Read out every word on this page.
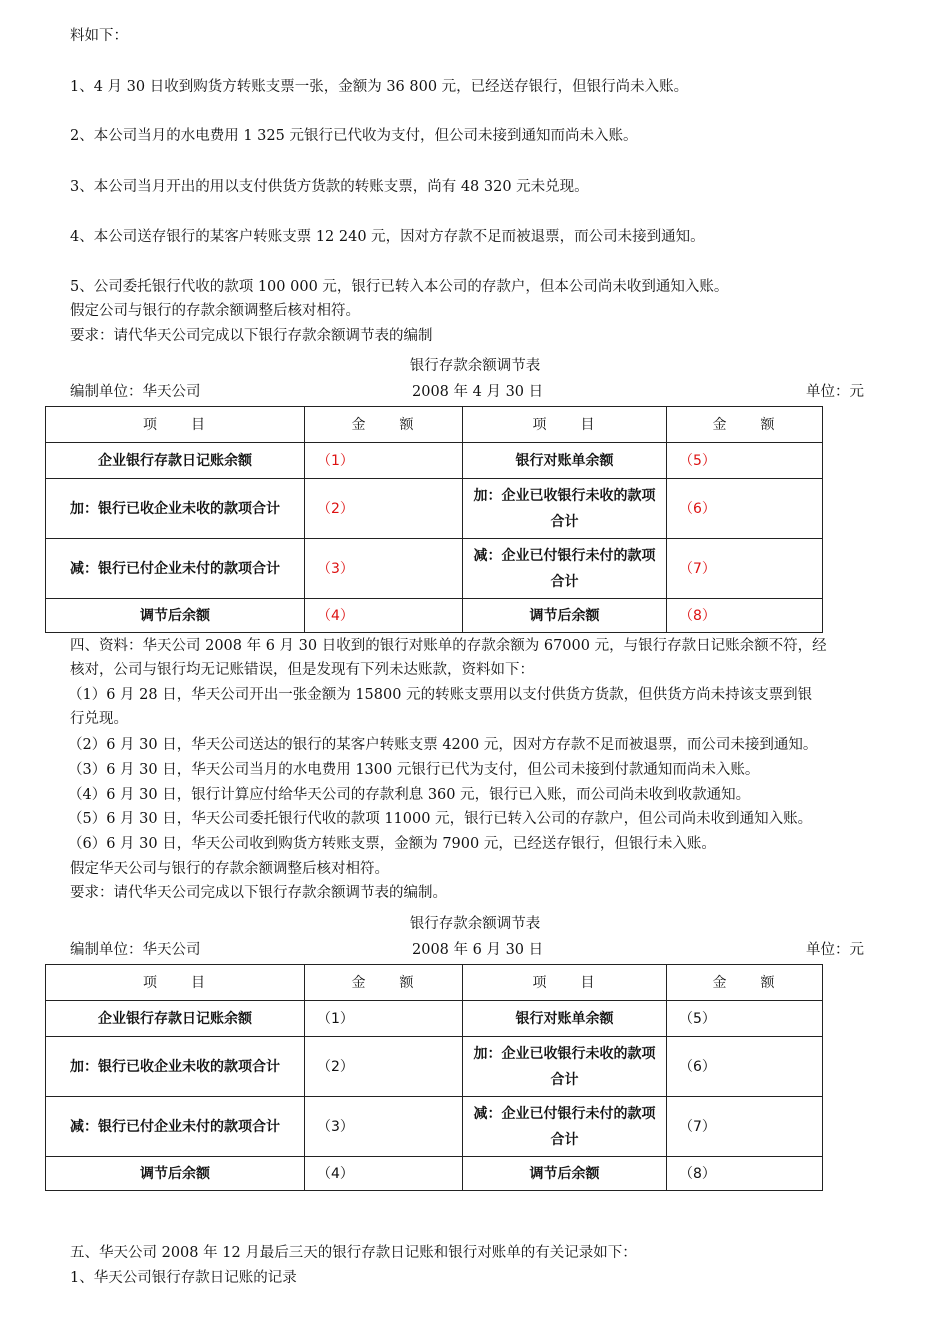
料如下：
1、4 月 30 日收到购货方转账支票一张，金额为 36 800 元，已经送存银行，但银行尚未入账。
2、本公司当月的水电费用 1 325 元银行已代收为支付，但公司未接到通知而尚未入账。
3、本公司当月开出的用以支付供货方货款的转账支票，尚有 48 320 元未兑现。
4、本公司送存银行的某客户转账支票 12 240 元，因对方存款不足而被退票，而公司未接到通知。
5、公司委托银行代收的款项 100 000 元，银行已转入本公司的存款户，但本公司尚未收到通知入账。
假定公司与银行的存款余额调整后核对相符。
要求：请代华天公司完成以下银行存款余额调节表的编制
银行存款余额调节表
编制单位：华天公司	2008 年 4 月 30 日	单位：元
项　　目	金　　额	项　　目	金　　额
企业银行存款日记账余额	（1）	银行对账单余额	（5）
加：银行已收企业未收的款项合计	（2）	加：企业已收银行未收的款项合计	（6）
减：银行已付企业未付的款项合计	（3）	减：企业已付银行未付的款项合计	（7）
调节后余额	（4）	调节后余额	（8）
四、资料：华天公司 2008 年 6 月 30 日收到的银行对账单的存款余额为 67000 元，与银行存款日记账余额不符，经
核对，公司与银行均无记账错误，但是发现有下列未达账款，资料如下：
（1）6 月 28 日，华天公司开出一张金额为 15800 元的转账支票用以支付供货方货款，但供货方尚未持该支票到银
行兑现。
（2）6 月 30 日，华天公司送达的银行的某客户转账支票 4200 元，因对方存款不足而被退票，而公司未接到通知。
（3）6 月 30 日，华天公司当月的水电费用 1300 元银行已代为支付，但公司未接到付款通知而尚未入账。
（4）6 月 30 日，银行计算应付给华天公司的存款利息 360 元，银行已入账，而公司尚未收到收款通知。
（5）6 月 30 日，华天公司委托银行代收的款项 11000 元，银行已转入公司的存款户，但公司尚未收到通知入账。
（6）6 月 30 日，华天公司收到购货方转账支票，金额为 7900 元，已经送存银行，但银行未入账。
假定华天公司与银行的存款余额调整后核对相符。
要求：请代华天公司完成以下银行存款余额调节表的编制。
银行存款余额调节表
编制单位：华天公司	2008 年 6 月 30 日	单位：元
项　　目	金　　额	项　　目	金　　额
企业银行存款日记账余额	（1）	银行对账单余额	（5）
加：银行已收企业未收的款项合计	（2）	加：企业已收银行未收的款项合计	（6）
减：银行已付企业未付的款项合计	（3）	减：企业已付银行未付的款项合计	（7）
调节后余额	（4）	调节后余额	（8）
五、华天公司 2008 年 12 月最后三天的银行存款日记账和银行对账单的有关记录如下：
1、华天公司银行存款日记账的记录
